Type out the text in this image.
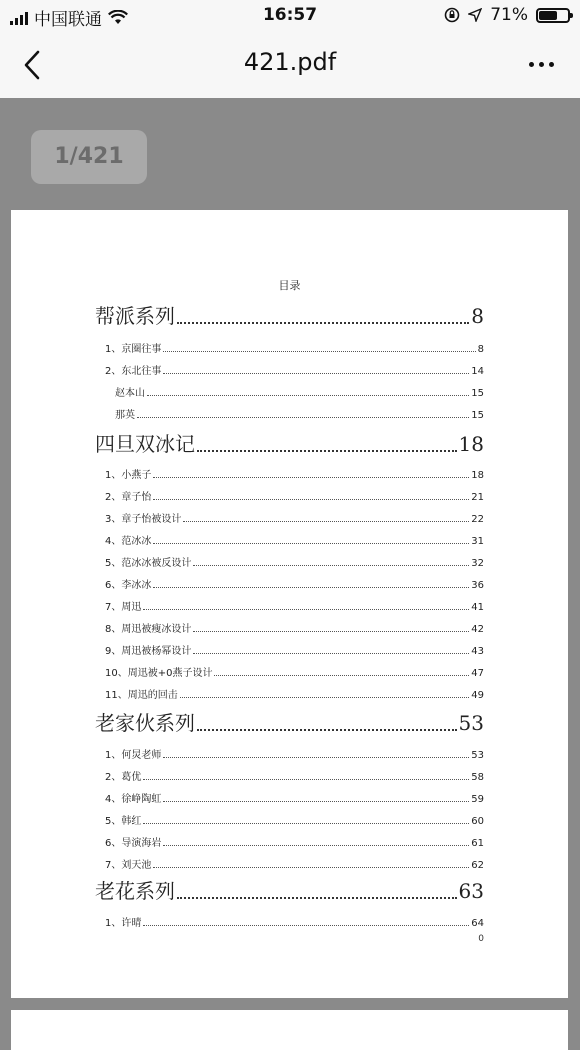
中国联通	16:57	71%
421.pdf
1/421
目录
0
帮派系列	8
1、京圈往事	8
2、东北往事	14
赵本山	15
那英	15
四旦双冰记	18
1、小燕子	18
2、章子怡	21
3、章子怡被设计	22
4、范冰冰	31
5、范冰冰被反设计	32
6、李冰冰	36
7、周迅	41
8、周迅被瘦冰设计	42
9、周迅被杨幂设计	43
10、周迅被+0燕子设计	47
11、周迅的回击	49
老家伙系列	53
1、何炅老师	53
2、葛优	58
4、徐峥陶虹	59
5、韩红	60
6、导演海岩	61
7、刘天池	62
老花系列	63
1、许晴	64
